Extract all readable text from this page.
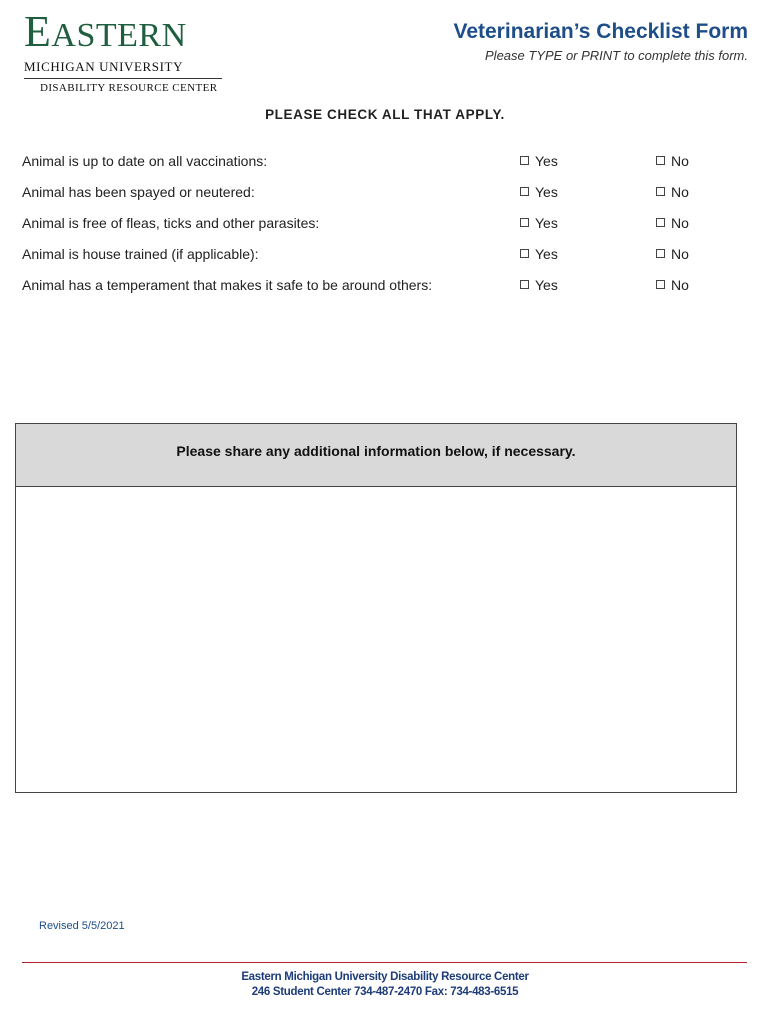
EASTERN
MICHIGAN UNIVERSITY
DISABILITY RESOURCE CENTER
Veterinarian’s Checklist Form
Please TYPE or PRINT to complete this form.
PLEASE CHECK ALL THAT APPLY.
Animal is up to date on all vaccinations:	Yes	No
Animal has been spayed or neutered:	Yes	No
Animal is free of fleas, ticks and other parasites:	Yes	No
Animal is house trained (if applicable):	Yes	No
Animal has a temperament that makes it safe to be around others:	Yes	No
Please share any additional information below, if necessary.
Revised 5/5/2021
Eastern Michigan University Disability Resource Center
246 Student Center 734-487-2470 Fax: 734-483-6515
